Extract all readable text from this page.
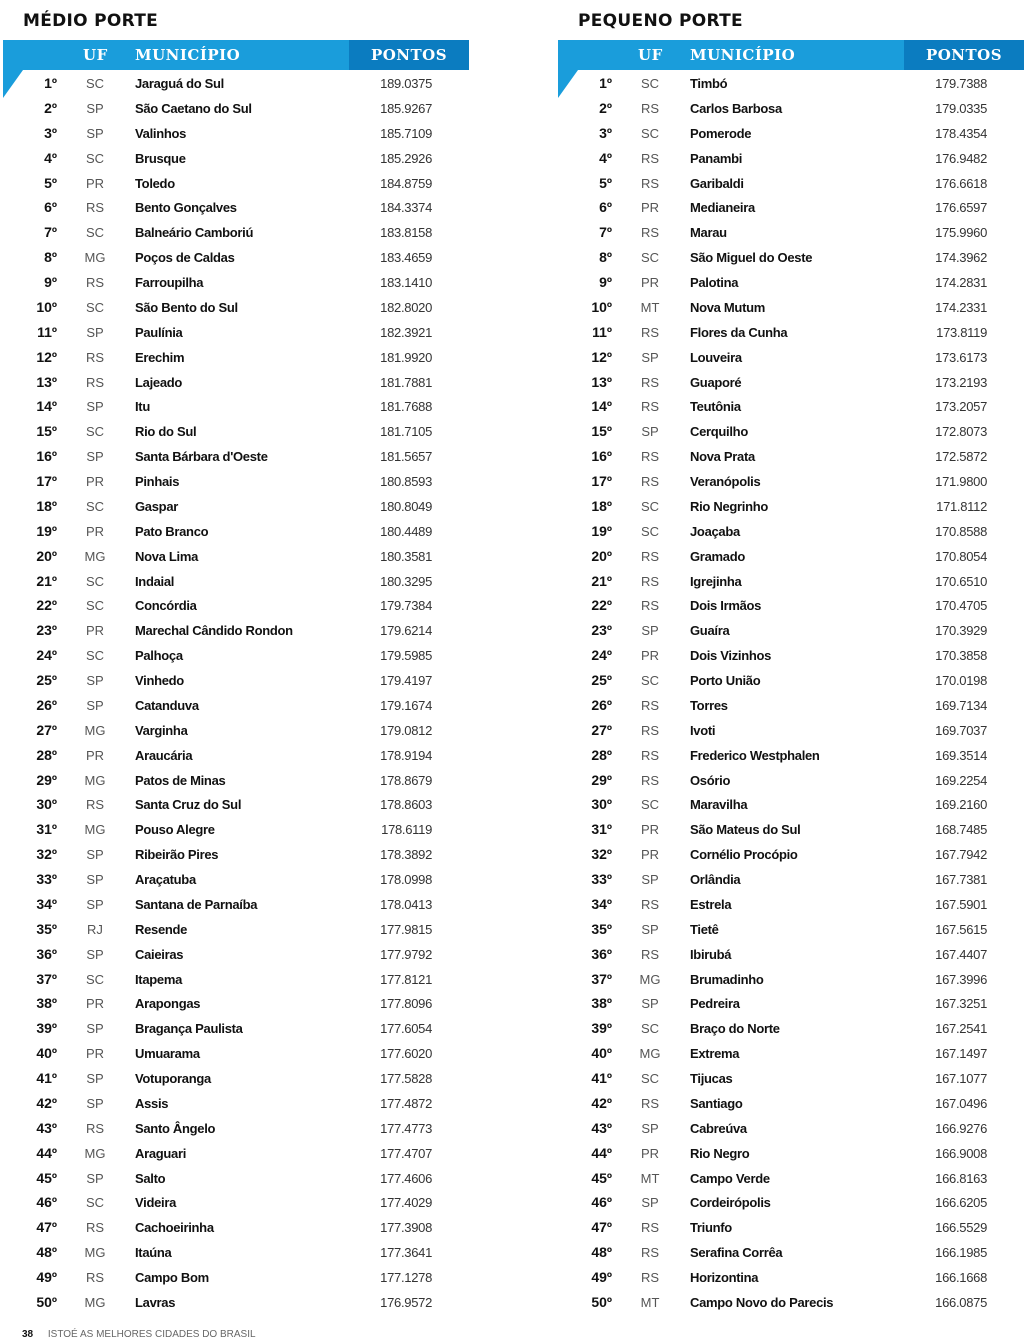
MÉDIO PORTE
UF MUNICÍPIO	PONTOS
1º	SC	Jaraguá do Sul	189.0375
2º	SP	São Caetano do Sul	185.9267
3º	SP	Valinhos	185.7109
4º	SC	Brusque	185.2926
5º	PR	Toledo	184.8759
6º	RS	Bento Gonçalves	184.3374
7º	SC	Balneário Camboriú	183.8158
8º	MG	Poços de Caldas	183.4659
9º	RS	Farroupilha	183.1410
10º	SC	São Bento do Sul	182.8020
11º	SP	Paulínia	182.3921
12º	RS	Erechim	181.9920
13º	RS	Lajeado	181.7881
14º	SP	Itu	181.7688
15º	SC	Rio do Sul	181.7105
16º	SP	Santa Bárbara d'Oeste	181.5657
17º	PR	Pinhais	180.8593
18º	SC	Gaspar	180.8049
19º	PR	Pato Branco	180.4489
20º	MG	Nova Lima	180.3581
21º	SC	Indaial	180.3295
22º	SC	Concórdia	179.7384
23º	PR	Marechal Cândido Rondon	179.6214
24º	SC	Palhoça	179.5985
25º	SP	Vinhedo	179.4197
26º	SP	Catanduva	179.1674
27º	MG	Varginha	179.0812
28º	PR	Araucária	178.9194
29º	MG	Patos de Minas	178.8679
30º	RS	Santa Cruz do Sul	178.8603
31º	MG	Pouso Alegre	178.6119
32º	SP	Ribeirão Pires	178.3892
33º	SP	Araçatuba	178.0998
34º	SP	Santana de Parnaíba	178.0413
35º	RJ	Resende	177.9815
36º	SP	Caieiras	177.9792
37º	SC	Itapema	177.8121
38º	PR	Arapongas	177.8096
39º	SP	Bragança Paulista	177.6054
40º	PR	Umuarama	177.6020
41º	SP	Votuporanga	177.5828
42º	SP	Assis	177.4872
43º	RS	Santo Ângelo	177.4773
44º	MG	Araguari	177.4707
45º	SP	Salto	177.4606
46º	SC	Videira	177.4029
47º	RS	Cachoeirinha	177.3908
48º	MG	Itaúna	177.3641
49º	RS	Campo Bom	177.1278
50º	MG	Lavras	176.9572
PEQUENO PORTE
UF MUNICÍPIO	PONTOS
1º	SC	Timbó	179.7388
2º	RS	Carlos Barbosa	179.0335
3º	SC	Pomerode	178.4354
4º	RS	Panambi	176.9482
5º	RS	Garibaldi	176.6618
6º	PR	Medianeira	176.6597
7º	RS	Marau	175.9960
8º	SC	São Miguel do Oeste	174.3962
9º	PR	Palotina	174.2831
10º	MT	Nova Mutum	174.2331
11º	RS	Flores da Cunha	173.8119
12º	SP	Louveira	173.6173
13º	RS	Guaporé	173.2193
14º	RS	Teutônia	173.2057
15º	SP	Cerquilho	172.8073
16º	RS	Nova Prata	172.5872
17º	RS	Veranópolis	171.9800
18º	SC	Rio Negrinho	171.8112
19º	SC	Joaçaba	170.8588
20º	RS	Gramado	170.8054
21º	RS	Igrejinha	170.6510
22º	RS	Dois Irmãos	170.4705
23º	SP	Guaíra	170.3929
24º	PR	Dois Vizinhos	170.3858
25º	SC	Porto União	170.0198
26º	RS	Torres	169.7134
27º	RS	Ivoti	169.7037
28º	RS	Frederico Westphalen	169.3514
29º	RS	Osório	169.2254
30º	SC	Maravilha	169.2160
31º	PR	São Mateus do Sul	168.7485
32º	PR	Cornélio Procópio	167.7942
33º	SP	Orlândia	167.7381
34º	RS	Estrela	167.5901
35º	SP	Tietê	167.5615
36º	RS	Ibirubá	167.4407
37º	MG	Brumadinho	167.3996
38º	SP	Pedreira	167.3251
39º	SC	Braço do Norte	167.2541
40º	MG	Extrema	167.1497
41º	SC	Tijucas	167.1077
42º	RS	Santiago	167.0496
43º	SP	Cabreúva	166.9276
44º	PR	Rio Negro	166.9008
45º	MT	Campo Verde	166.8163
46º	SP	Cordeirópolis	166.6205
47º	RS	Triunfo	166.5529
48º	RS	Serafina Corrêa	166.1985
49º	RS	Horizontina	166.1668
50º	MT	Campo Novo do Parecis	166.0875
38 ISTOÉ AS MELHORES CIDADES DO BRASIL
